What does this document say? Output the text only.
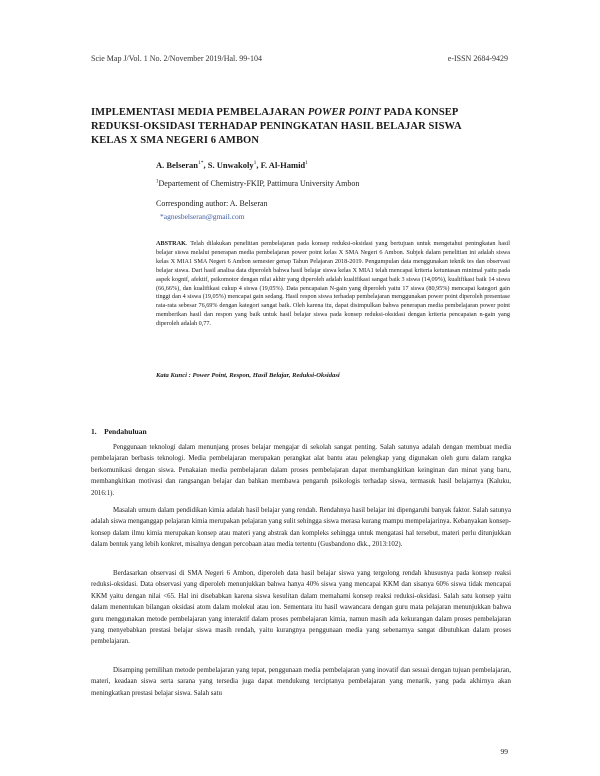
Scie Map J/Vol. 1 No. 2/November 2019/Hal. 99-104	e-ISSN 2684-9429
IMPLEMENTASI MEDIA PEMBELAJARAN POWER POINT PADA KONSEP
REDUKSI-OKSIDASI TERHADAP PENINGKATAN HASIL BELAJAR SISWA
KELAS X SMA NEGERI 6 AMBON
A. Belseran$^{1*}$, S. Unwakoly$^1$, F. Al-Hamid$^1$
$^1$Departement of Chemistry-FKIP, Pattimura University Ambon
Corresponding author: A. Belseran
*agnesbelseran@gmail.com
ABSTRAK. Telah dilakukan penelitian pembelajaran pada konsep reduksi-oksidasi yang bertujuan untuk mengetahui peningkatan hasil belajar siswa melalui penerapan media pembelajaran power point kelas X SMA Negeri 6 Ambon. Subjek dalam penelitian ini adalah siswa kelas X MIA1 SMA Negeri 6 Ambon semester genap Tahun Pelajaran 2018-2019. Pengumpulan data menggunakan teknik tes dan observasi belajar siswa. Dari hasil analisa data diperoleh bahwa hasil belajar siswa kelas X MIA1 telah mencapai kriteria ketuntasan minimal yaitu pada aspek kognif, afektif, psikomotor dengan nilai akhir yang diperoleh adalah kualifikasi sangat baik 3 siswa (14,09%), kualifikasi baik 14 siswa (66,66%), dan kualifikasi cukup 4 siswa (19,05%). Data pencapaian N-gain yang diperoleh yaitu 17 siswa (80,95%) mencapai kategori gain tinggi dan 4 siswa (19,05%) mencapai gain sedang. Hasil respon siswa terhadap pembelajaran menggunakan power point diperoleh presentase rata-rata sebesar 76,69% dengan kategori sangat baik. Oleh karena itu, dapat disimpulkan bahwa penerapan media pembelajaran power point memberikan hasil dan respon yang baik untuk hasil belajar siswa pada konsep reduksi-oksidasi dengan kriteria pencapaian n-gain yang diperoleh adalah 0,77.
Kata Kunci : Power Point, Respon, Hasil Belajar, Reduksi-Oksidasi
1. Pendahuluan

Penggunaan teknologi dalam menunjang proses belajar mengajar di sekolah sangat penting. Salah satunya adalah dengan membuat media pembelajaran berbasis teknologi. Media pembelajaran merupakan perangkat alat bantu atau pelengkap yang digunakan oleh guru dalam rangka berkomunikasi dengan siswa. Penakaian media pembelajaran dalam proses pembelajaran dapat membangkitkan keinginan dan minat yang baru, membangkitkan motivasi dan rangsangan belajar dan bahkan membawa pengaruh psikologis terhadap siswa, termasuk hasil belajarnya (Kaluku, 2016:1).

Masalah umum dalam pendidikan kimia adalah hasil belajar yang rendah. Rendahnya hasil belajar ini dipengaruhi banyak faktor. Salah satunya adalah siswa menganggap pelajaran kimia merupakan pelajaran yang sulit sehingga siswa merasa kurang mampu mempelajarinya. Kebanyakan konsep-konsep dalam ilmu kimia merupakan konsep atau materi yang abstrak dan kompleks sehingga untuk mengatasi hal tersebut, materi perlu ditunjukkan dalam bentuk yang lebih konkret, misalnya dengan percobaan atau media tertentu (Gusbandono dkk., 2013:102).

Berdasarkan observasi di SMA Negeri 6 Ambon, diperoleh data hasil belajar siswa yang tergolong rendah khususnya pada konsep reaksi reduksi-oksidasi. Data observasi yang diperoleh menunjukkan bahwa hanya 40% siswa yang mencapai KKM dan sisanya 60% siswa tidak mencapai KKM yaitu dengan nilai <65. Hal ini disebabkan karena siswa kesulitan dalam memahami konsep reaksi reduksi-oksidasi. Salah satu konsep yaitu dalam menentukan bilangan oksidasi atom dalam molekul atau ion. Sementara itu hasil wawancara dengan guru mata pelajaran menunjukkan bahwa guru menggunakan metode pembelajaran yang interaktif dalam proses pembelajaran kimia, namun masih ada kekurangan dalam proses pembelajaran yang menyebabkan prestasi belajar siswa masih rendah, yaitu kurangnya penggunaan media yang sebenarnya sangat dibutuhkan dalam proses pembelajaran.

Disamping pemilihan metode pembelajaran yang tepat, penggunaan media pembelajaran yang inovatif dan sesuai dengan tujuan pembelajaran, materi, keadaan siswa serta sarana yang tersedia juga dapat mendukung terciptanya pembelajaran yang menarik, yang pada akhirnya akan meningkatkan prestasi belajar siswa. Salah satu

99
